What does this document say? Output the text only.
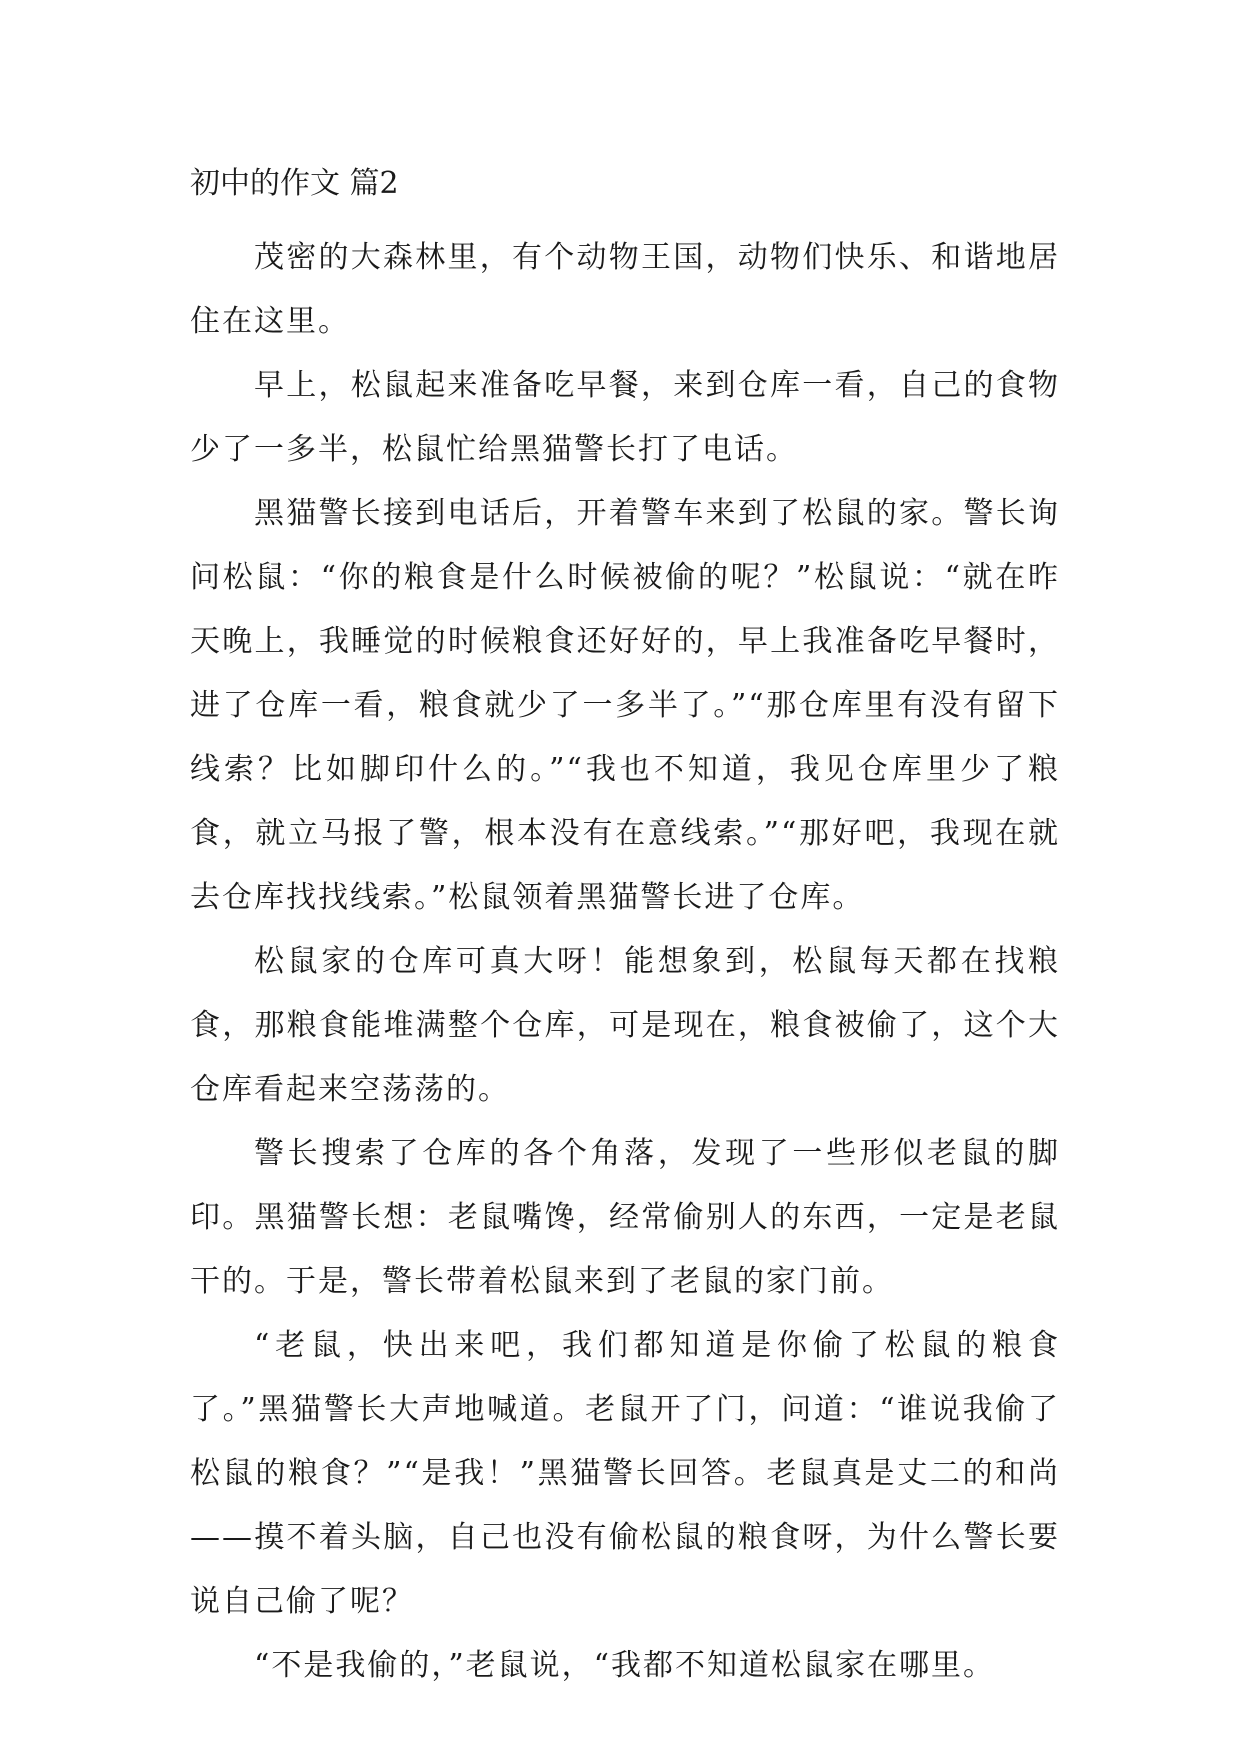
初中的作文 篇2

茂密的大森林里，有个动物王国，动物们快乐、和谐地居住在这里。

早上，松鼠起来准备吃早餐，来到仓库一看，自己的食物少了一多半，松鼠忙给黑猫警长打了电话。

黑猫警长接到电话后，开着警车来到了松鼠的家。警长询问松鼠：“你的粮食是什么时候被偷的呢？”松鼠说：“就在昨天晚上，我睡觉的时候粮食还好好的，早上我准备吃早餐时，进了仓库一看，粮食就少了一多半了。”“那仓库里有没有留下线索？比如脚印什么的。”“我也不知道，我见仓库里少了粮食，就立马报了警，根本没有在意线索。”“那好吧，我现在就去仓库找找线索。”松鼠领着黑猫警长进了仓库。

松鼠家的仓库可真大呀！能想象到，松鼠每天都在找粮食，那粮食能堆满整个仓库，可是现在，粮食被偷了，这个大仓库看起来空荡荡的。

警长搜索了仓库的各个角落，发现了一些形似老鼠的脚印。黑猫警长想：老鼠嘴馋，经常偷别人的东西，一定是老鼠干的。于是，警长带着松鼠来到了老鼠的家门前。

“老鼠，快出来吧，我们都知道是你偷了松鼠的粮食了。”黑猫警长大声地喊道。老鼠开了门，问道：“谁说我偷了松鼠的粮食？”“是我！”黑猫警长回答。老鼠真是丈二的和尚——摸不着头脑，自己也没有偷松鼠的粮食呀，为什么警长要说自己偷了呢？

“不是我偷的，”老鼠说，“我都不知道松鼠家在哪里。
